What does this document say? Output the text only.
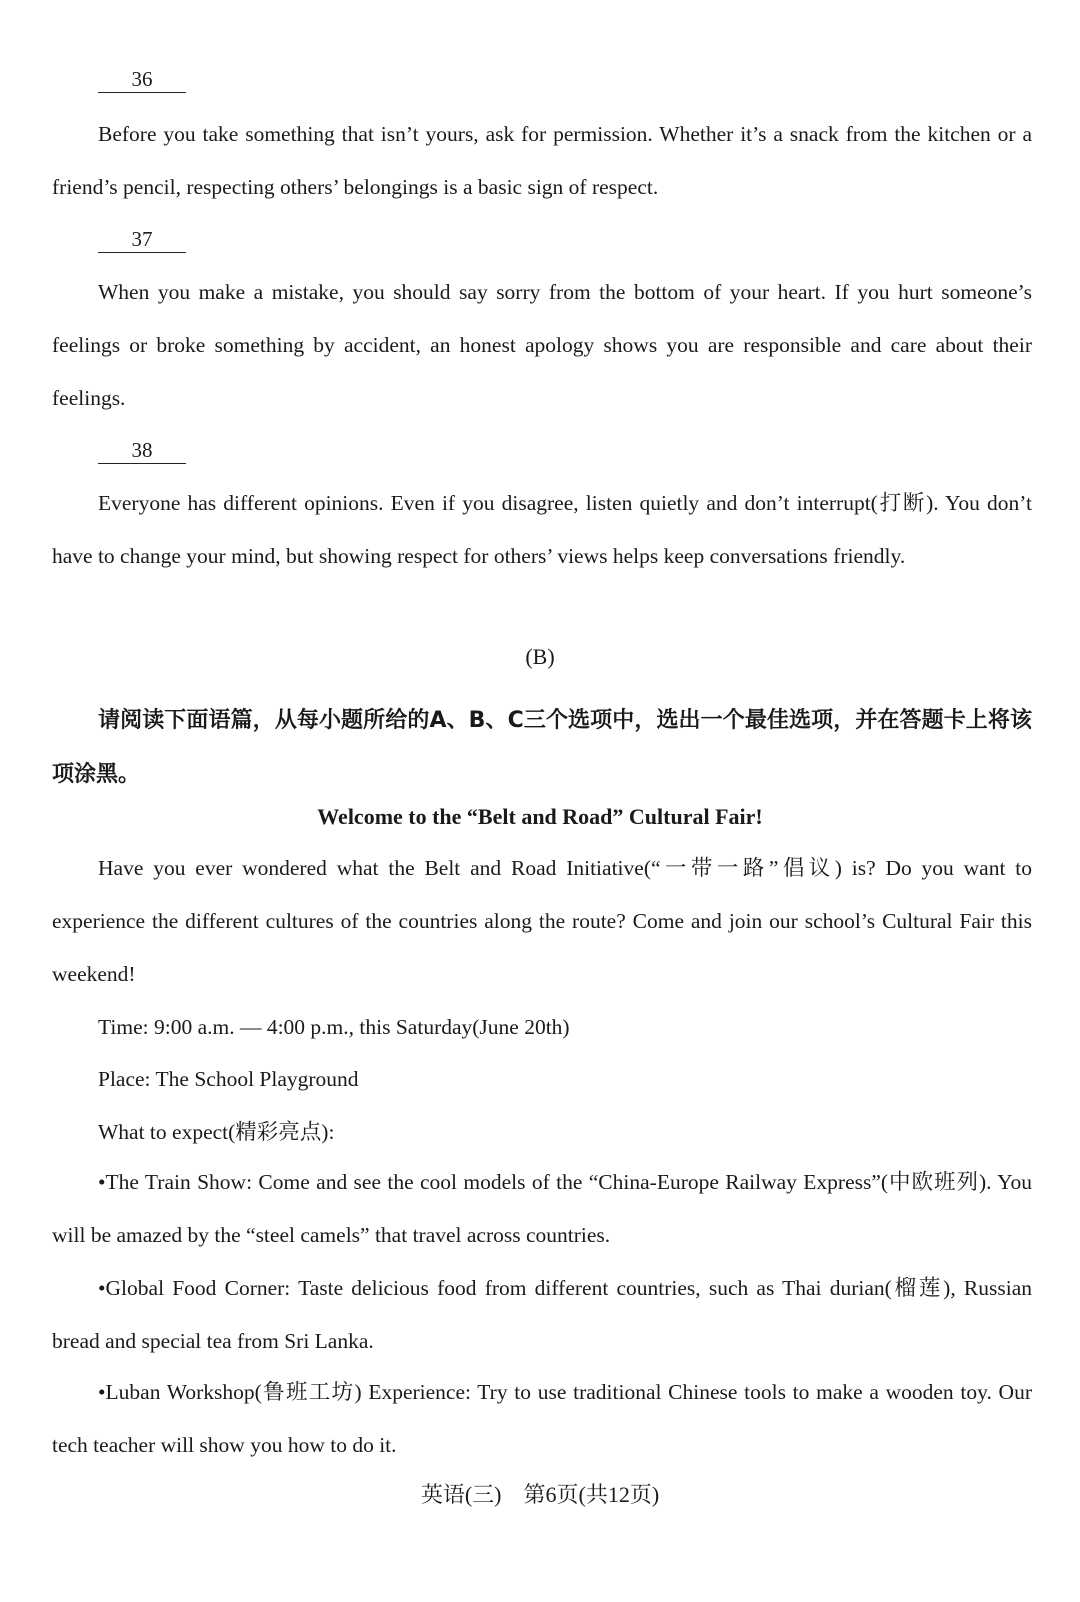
36

Before you take something that isn’t yours, ask for permission. Whether it’s a snack from the kitchen or a friend’s pencil, respecting others’ belongings is a basic sign of respect.

37

When you make a mistake, you should say sorry from the bottom of your heart. If you hurt someone’s feelings or broke something by accident, an honest apology shows you are responsible and care about their feelings.

38

Everyone has different opinions. Even if you disagree, listen quietly and don’t interrupt(打断). You don’t have to change your mind, but showing respect for others’ views helps keep conversations friendly.

(B)

请阅读下面语篇，从每小题所给的A、B、C三个选项中，选出一个最佳选项，并在答题卡上将该项涂黑。

Welcome to the “Belt and Road” Cultural Fair!

Have you ever wondered what the Belt and Road Initiative(“一带一路”倡议) is? Do you want to experience the different cultures of the countries along the route? Come and join our school’s Cultural Fair this weekend!

Time: 9:00 a.m. — 4:00 p.m., this Saturday(June 20th)

Place: The School Playground

What to expect(精彩亮点):

•The Train Show: Come and see the cool models of the “China-Europe Railway Express”(中欧班列). You will be amazed by the “steel camels” that travel across countries.

•Global Food Corner: Taste delicious food from different countries, such as Thai durian(榴莲), Russian bread and special tea from Sri Lanka.

•Luban Workshop(鲁班工坊) Experience: Try to use traditional Chinese tools to make a wooden toy. Our tech teacher will show you how to do it.

英语(三)　第6页(共12页)
